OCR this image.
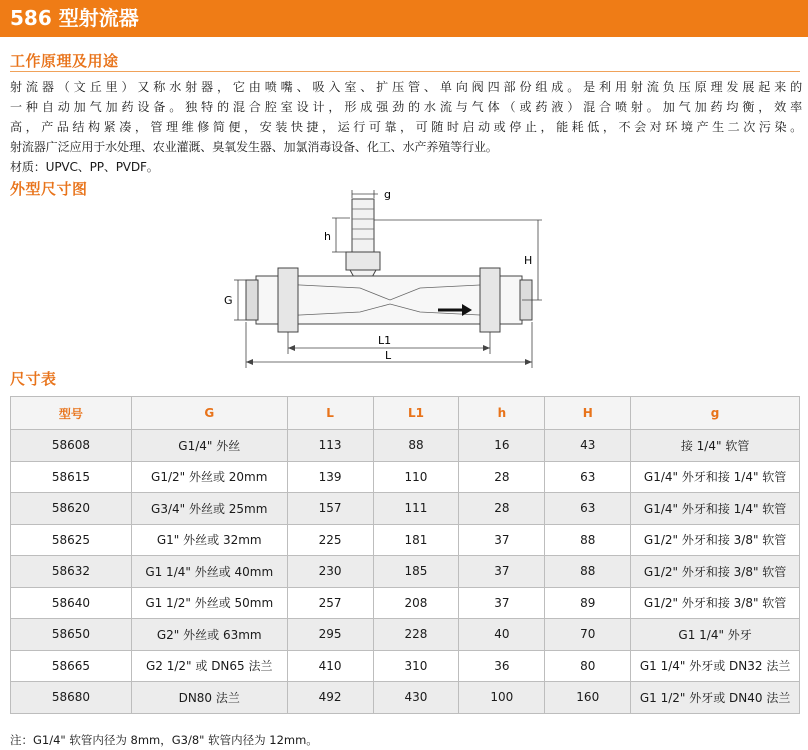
586 型射流器
工作原理及用途
射流器（文丘里）又称水射器，它由喷嘴、吸入室、扩压管、单向阀四部份组成。是利用射流负压原理发展起来的
一种自动加气加药设备。独特的混合腔室设计，形成强劲的水流与气体（或药液）混合喷射。加气加药均衡，效率
高，产品结构紧凑，管理维修简便，安装快捷，运行可靠，可随时启动或停止，能耗低，不会对环境产生二次污染。
射流器广泛应用于水处理、农业灌溉、臭氧发生器、加氯消毒设备、化工、水产养殖等行业。
材质：UPVC、PP、PVDF。
外型尺寸图	g
h
H
G
L1
L
尺寸表
型号	G	L	L1	h	H	g
58608	G1/4" 外丝	113	88	16	43	接 1/4" 软管
58615	G1/2" 外丝或 20mm	139	110	28	63	G1/4" 外牙和接 1/4" 软管
58620	G3/4" 外丝或 25mm	157	111	28	63	G1/4" 外牙和接 1/4" 软管
58625	G1" 外丝或 32mm	225	181	37	88	G1/2" 外牙和接 3/8" 软管
58632	G1 1/4" 外丝或 40mm	230	185	37	88	G1/2" 外牙和接 3/8" 软管
58640	G1 1/2" 外丝或 50mm	257	208	37	89	G1/2" 外牙和接 3/8" 软管
58650	G2" 外丝或 63mm	295	228	40	70	G1 1/4" 外牙
58665	G2 1/2" 或 DN65 法兰	410	310	36	80	G1 1/4" 外牙或 DN32 法兰
58680	DN80 法兰	492	430	100	160	G1 1/2" 外牙或 DN40 法兰
注：G1/4" 软管内径为 8mm，G3/8" 软管内径为 12mm。
